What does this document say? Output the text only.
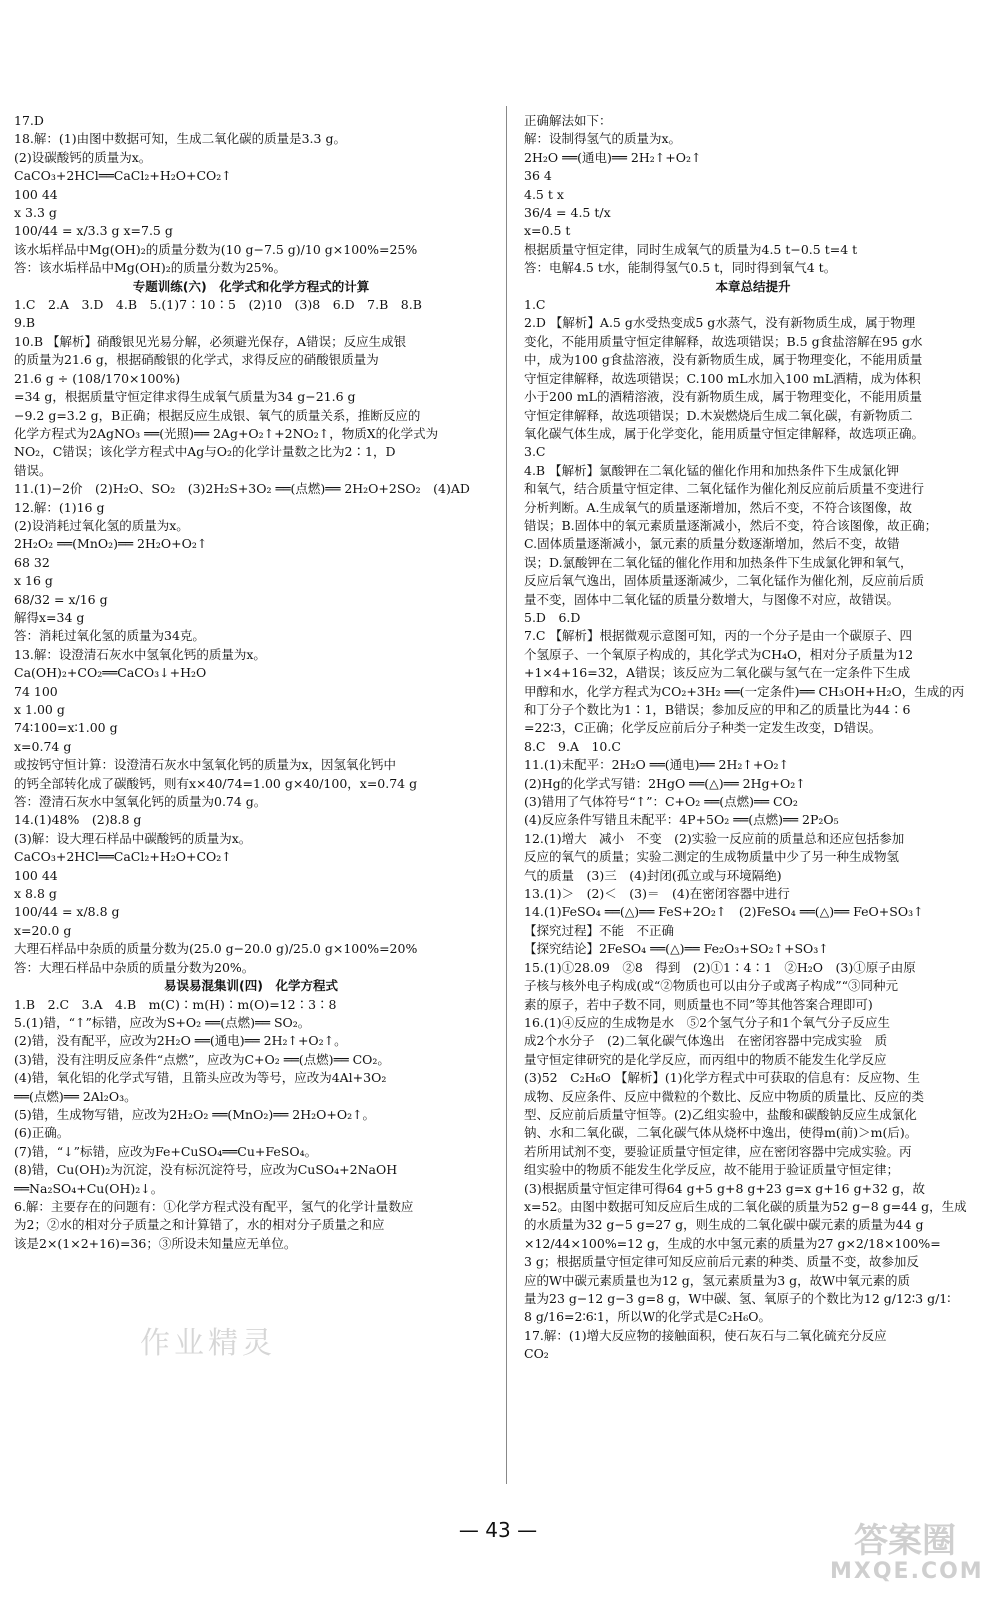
17.D
18.解：(1)由图中数据可知，生成二氧化碳的质量是3.3 g。
(2)设碳酸钙的质量为x。
CaCO₃+2HCl══CaCl₂+H₂O+CO₂↑
100 44
x 3.3 g
100/44 = x/3.3 g x=7.5 g
该水垢样品中Mg(OH)₂的质量分数为(10 g−7.5 g)/10 g×100%=25%
答：该水垢样品中Mg(OH)₂的质量分数为25%。
专题训练(六)　化学式和化学方程式的计算
1.C　2.A　3.D　4.B　5.(1)7∶10∶5　(2)10　(3)8　6.D　7.B　8.B
9.B
10.B 【解析】硝酸银见光易分解，必须避光保存，A错误；反应生成银
的质量为21.6 g，根据硝酸银的化学式，求得反应的硝酸银质量为
21.6 g ÷ (108/170×100%)
=34 g，根据质量守恒定律求得生成氧气质量为34 g−21.6 g
−9.2 g=3.2 g，B正确；根据反应生成银、氧气的质量关系，推断反应的
化学方程式为2AgNO₃ ══(光照)══ 2Ag+O₂↑+2NO₂↑，物质X的化学式为
NO₂，C错误；该化学方程式中Ag与O₂的化学计量数之比为2∶1，D
错误。
11.(1)−2价　(2)H₂O、SO₂　(3)2H₂S+3O₂ ══(点燃)══ 2H₂O+2SO₂　(4)AD
12.解：(1)16 g
(2)设消耗过氧化氢的质量为x。
2H₂O₂ ══(MnO₂)══ 2H₂O+O₂↑
68 32
x 16 g
68/32 = x/16 g
解得x=34 g
答：消耗过氧化氢的质量为34克。
13.解：设澄清石灰水中氢氧化钙的质量为x。
Ca(OH)₂+CO₂══CaCO₃↓+H₂O
74 100
x 1.00 g
74∶100=x∶1.00 g
x=0.74 g
或按钙守恒计算：设澄清石灰水中氢氧化钙的质量为x，因氢氧化钙中
的钙全部转化成了碳酸钙，则有x×40/74=1.00 g×40/100，x=0.74 g
答：澄清石灰水中氢氧化钙的质量为0.74 g。
14.(1)48%　(2)8.8 g
(3)解：设大理石样品中碳酸钙的质量为x。
CaCO₃+2HCl══CaCl₂+H₂O+CO₂↑
100 44
x 8.8 g
100/44 = x/8.8 g
x=20.0 g
大理石样品中杂质的质量分数为(25.0 g−20.0 g)/25.0 g×100%=20%
答：大理石样品中杂质的质量分数为20%。
易误易混集训(四)　化学方程式
1.B　2.C　3.A　4.B　m(C)∶m(H)∶m(O)=12∶3∶8
5.(1)错，“↑”标错，应改为S+O₂ ══(点燃)══ SO₂。
(2)错，没有配平，应改为2H₂O ══(通电)══ 2H₂↑+O₂↑。
(3)错，没有注明反应条件“点燃”，应改为C+O₂ ══(点燃)══ CO₂。
(4)错，氧化铝的化学式写错，且箭头应改为等号，应改为4Al+3O₂
══(点燃)══ 2Al₂O₃。
(5)错，生成物写错，应改为2H₂O₂ ══(MnO₂)══ 2H₂O+O₂↑。
(6)正确。
(7)错，“↓”标错，应改为Fe+CuSO₄══Cu+FeSO₄。
(8)错，Cu(OH)₂为沉淀，没有标沉淀符号，应改为CuSO₄+2NaOH
══Na₂SO₄+Cu(OH)₂↓。
6.解：主要存在的问题有：①化学方程式没有配平，氢气的化学计量数应
为2；②水的相对分子质量之和计算错了，水的相对分子质量之和应
该是2×(1×2+16)=36；③所设未知量应无单位。
正确解法如下：
解：设制得氢气的质量为x。
2H₂O ══(通电)══ 2H₂↑+O₂↑
36 4
4.5 t x
36/4 = 4.5 t/x
x=0.5 t
根据质量守恒定律，同时生成氧气的质量为4.5 t−0.5 t=4 t
答：电解4.5 t水，能制得氢气0.5 t，同时得到氧气4 t。
本章总结提升
1.C
2.D 【解析】A.5 g水受热变成5 g水蒸气，没有新物质生成，属于物理
变化，不能用质量守恒定律解释，故选项错误；B.5 g食盐溶解在95 g水
中，成为100 g食盐溶液，没有新物质生成，属于物理变化，不能用质量
守恒定律解释，故选项错误；C.100 mL水加入100 mL酒精，成为体积
小于200 mL的酒精溶液，没有新物质生成，属于物理变化，不能用质量
守恒定律解释，故选项错误；D.木炭燃烧后生成二氧化碳，有新物质二
氧化碳气体生成，属于化学变化，能用质量守恒定律解释，故选项正确。
3.C
4.B 【解析】氯酸钾在二氧化锰的催化作用和加热条件下生成氯化钾
和氧气，结合质量守恒定律、二氧化锰作为催化剂反应前后质量不变进行
分析判断。A.生成氧气的质量逐渐增加，然后不变，不符合该图像，故
错误；B.固体中的氧元素质量逐渐减小，然后不变，符合该图像，故正确；
C.固体质量逐渐减小，氯元素的质量分数逐渐增加，然后不变，故错
误；D.氯酸钾在二氧化锰的催化作用和加热条件下生成氯化钾和氧气，
反应后氧气逸出，固体质量逐渐减少，二氧化锰作为催化剂，反应前后质
量不变，固体中二氧化锰的质量分数增大，与图像不对应，故错误。
5.D　6.D
7.C 【解析】根据微观示意图可知，丙的一个分子是由一个碳原子、四
个氢原子、一个氧原子构成的，其化学式为CH₄O，相对分子质量为12
+1×4+16=32，A错误；该反应为二氧化碳与氢气在一定条件下生成
甲醇和水，化学方程式为CO₂+3H₂ ══(一定条件)══ CH₃OH+H₂O，生成的丙
和丁分子个数比为1∶1，B错误；参加反应的甲和乙的质量比为44∶6
=22∶3，C正确；化学反应前后分子种类一定发生改变，D错误。
8.C　9.A　10.C
11.(1)未配平：2H₂O ══(通电)══ 2H₂↑+O₂↑
(2)Hg的化学式写错：2HgO ══(△)══ 2Hg+O₂↑
(3)错用了气体符号“↑”：C+O₂ ══(点燃)══ CO₂
(4)反应条件写错且未配平：4P+5O₂ ══(点燃)══ 2P₂O₅
12.(1)增大　减小　不变　(2)实验一反应前的质量总和还应包括参加
反应的氧气的质量；实验二测定的生成物质量中少了另一种生成物氢
气的质量　(3)三　(4)封闭(孤立或与环境隔绝)
13.(1)＞　(2)＜　(3)＝　(4)在密闭容器中进行
14.(1)FeSO₄ ══(△)══ FeS+2O₂↑　(2)FeSO₄ ══(△)══ FeO+SO₃↑
【探究过程】不能　不正确
【探究结论】2FeSO₄ ══(△)══ Fe₂O₃+SO₂↑+SO₃↑
15.(1)①28.09　②8　得到　(2)①1∶4∶1　②H₂O　(3)①原子由原
子核与核外电子构成(或“②物质也可以由分子或离子构成”“③同种元
素的原子，若中子数不同，则质量也不同”等其他答案合理即可)
16.(1)④反应的生成物是水　⑤2个氢气分子和1个氧气分子反应生
成2个水分子　(2)二氧化碳气体逸出　在密闭容器中完成实验　质
量守恒定律研究的是化学反应，而丙组中的物质不能发生化学反应
(3)52　C₂H₆O 【解析】(1)化学方程式中可获取的信息有：反应物、生
成物、反应条件、反应中微粒的个数比、反应中物质的质量比、反应的类
型、反应前后质量守恒等。(2)乙组实验中，盐酸和碳酸钠反应生成氯化
钠、水和二氧化碳，二氧化碳气体从烧杯中逸出，使得m(前)＞m(后)。
若所用试剂不变，要验证质量守恒定律，应在密闭容器中完成实验。丙
组实验中的物质不能发生化学反应，故不能用于验证质量守恒定律；
(3)根据质量守恒定律可得64 g+5 g+8 g+23 g=x g+16 g+32 g，故
x=52。由图中数据可知反应后生成的二氧化碳的质量为52 g−8 g=44 g，生成
的水质量为32 g−5 g=27 g，则生成的二氧化碳中碳元素的质量为44 g
×12/44×100%=12 g，生成的水中氢元素的质量为27 g×2/18×100%=
3 g；根据质量守恒定律可知反应前后元素的种类、质量不变，故参加反
应的W中碳元素质量也为12 g，氢元素质量为3 g，故W中氧元素的质
量为23 g−12 g−3 g=8 g，W中碳、氢、氧原子的个数比为12 g/12∶3 g/1∶
8 g/16=2∶6∶1，所以W的化学式是C₂H₆O。
17.解：(1)增大反应物的接触面积，使石灰石与二氧化硫充分反应
CO₂
作业精灵
— 43 —	答案圈
MXQE.COM
